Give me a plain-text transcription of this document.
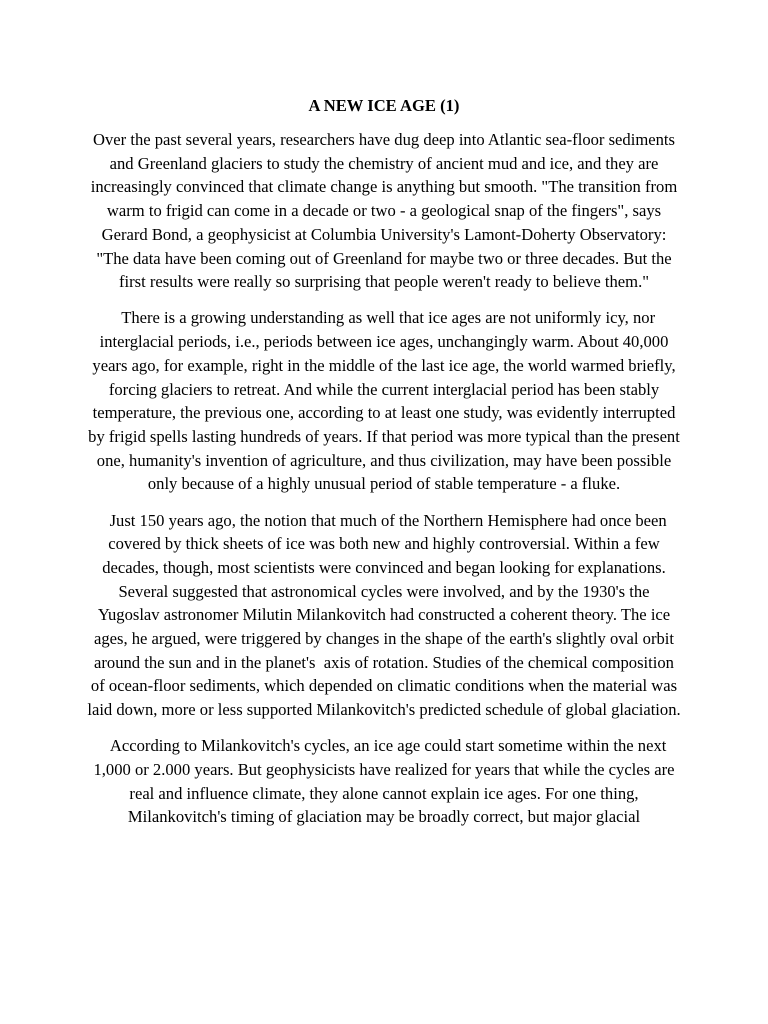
A NEW ICE AGE (1)

Over the past several years, researchers have dug deep into Atlantic sea-floor sediments and Greenland glaciers to study the chemistry of ancient mud and ice, and they are increasingly convinced that climate change is anything but smooth. "The transition from warm to frigid can come in a decade or two - a geological snap of the fingers", says Gerard Bond, a geophysicist at Columbia University's Lamont-Doherty Observatory: "The data have been coming out of Greenland for maybe two or three decades. But the first results were really so surprising that people weren't ready to believe them."

There is a growing understanding as well that ice ages are not uniformly icy, nor interglacial periods, i.e., periods between ice ages, unchangingly warm. About 40,000 years ago, for example, right in the middle of the last ice age, the world warmed briefly, forcing glaciers to retreat. And while the current interglacial period has been stably temperature, the previous one, according to at least one study, was evidently interrupted by frigid spells lasting hundreds of years. If that period was more typical than the present one, humanity's invention of agriculture, and thus civilization, may have been possible only because of a highly unusual period of stable temperature - a fluke.

Just 150 years ago, the notion that much of the Northern Hemisphere had once been covered by thick sheets of ice was both new and highly controversial. Within a few decades, though, most scientists were convinced and began looking for explanations. Several suggested that astronomical cycles were involved, and by the 1930's the Yugoslav astronomer Milutin Milankovitch had constructed a coherent theory. The ice ages, he argued, were triggered by changes in the shape of the earth's slightly oval orbit around the sun and in the planet's  axis of rotation. Studies of the chemical composition of ocean-floor sediments, which depended on climatic conditions when the material was laid down, more or less supported Milankovitch's predicted schedule of global glaciation.

According to Milankovitch's cycles, an ice age could start sometime within the next 1,000 or 2.000 years. But geophysicists have realized for years that while the cycles are real and influence climate, they alone cannot explain ice ages. For one thing, Milankovitch's timing of glaciation may be broadly correct, but major glacial
